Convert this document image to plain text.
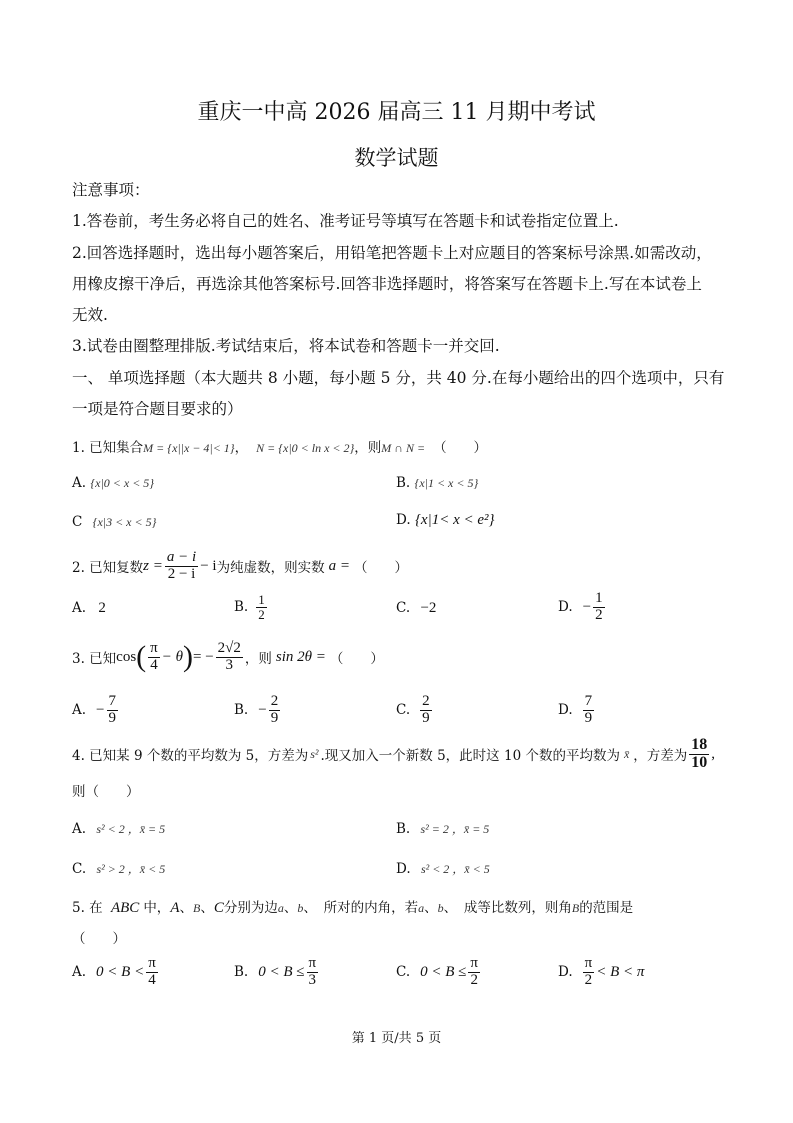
重庆一中高 2026 届高三 11 月期中考试
数学试题
注意事项：
1.答卷前，考生务必将自己的姓名、准考证号等填写在答题卡和试卷指定位置上.
2.回答选择题时，选出每小题答案后，用铅笔把答题卡上对应题目的答案标号涂黑.如需改动，
用橡皮擦干净后，再选涂其他答案标号.回答非选择题时，将答案写在答题卡上.写在本试卷上
无效.
3.试卷由圈整理排版.考试结束后，将本试卷和答题卡一并交回.
一、 单项选择题（本大题共 8 小题，每小题 5 分，共 40 分.在每小题给出的四个选项中，只有
一项是符合题目要求的）
1. 已知集合M = {x||x − 4|< 1}， N = {x|0 < ln x < 2}，则M ∩ N = （　　）
A. {x|0 < x < 5}	B. {x|1 < x < 5}
C {x|3 < x < 5}	D. {x|1< x < e²}
2. 已知复数 $z = \frac{a - i}{2 - i} - i$ 为纯虚数，则实数 a = （　　）
A. 2	B. $\frac{1}{2}$	C. −2	D. − $\frac{1}{2}$
3. 已知 cos ( $\frac{\pi}{4} - \theta$ ) = − $\frac{2√2}{3}$ ，则 sin 2θ = （　　）
A. − $\frac{7}{9}$	B. − $\frac{2}{9}$	C. $\frac{2}{9}$	D. $\frac{7}{9}$
4. 已知某 9 个数的平均数为 5，方差为 s² .现又加入一个新数 5，此时这 10 个数的平均数为 x̄ ，方差为 $\frac{18}{10}$ ,
则（　　）
A. s² < 2 ，x̄ = 5	B. s² = 2 ，x̄ = 5
C. s² > 2 ，x̄ < 5	D. s² < 2 ，x̄ < 5
5. 在 ABC 中，A、B、C分别为边a、b、　所对的内角，若a、b、　成等比数列，则角B的范围是
（　　）
A. $0 < B < \frac{\pi}{4}$	B. $0 < B \le \frac{\pi}{3}$	C. $0 < B \le \frac{\pi}{2}$	D. $\frac{\pi}{2} < B < \pi$
第 1 页/共 5 页
